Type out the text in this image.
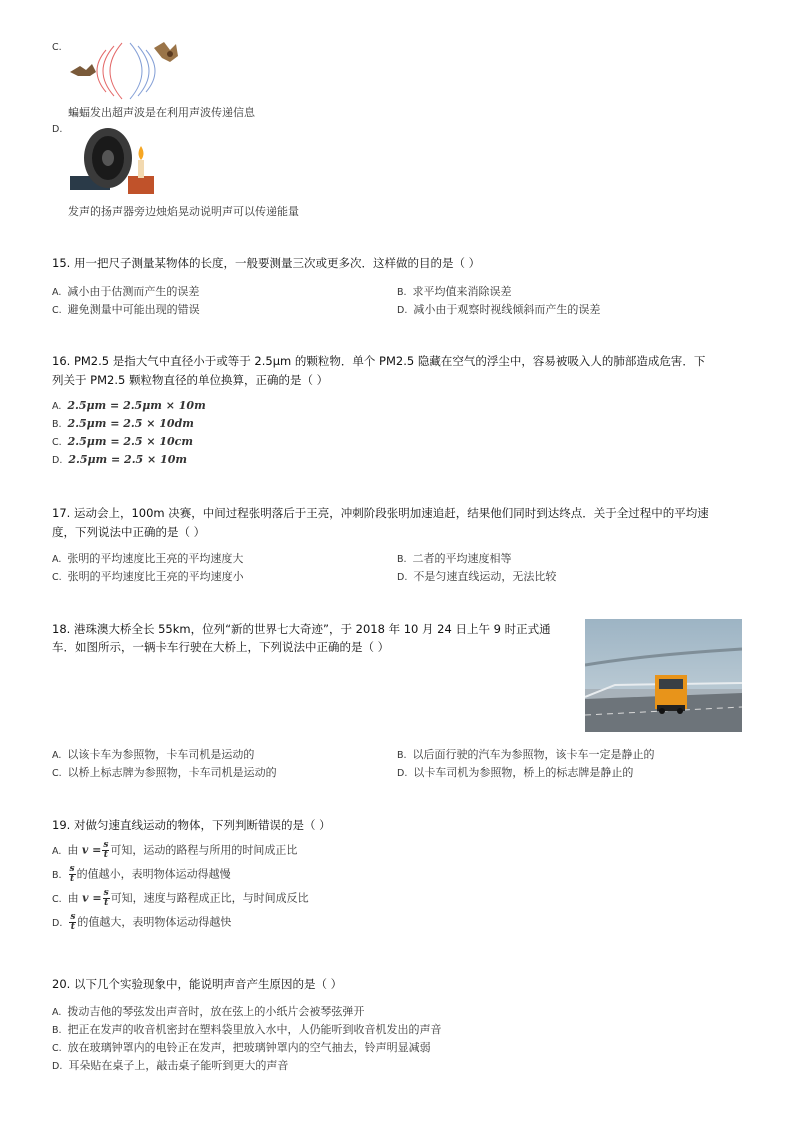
C.
蝙蝠发出超声波是在利用声波传递信息
D.
发声的扬声器旁边烛焰晃动说明声可以传递能量
15. 用一把尺子测量某物体的长度，一般要测量三次或更多次．这样做的目的是（ ）
A. 减小由于估测而产生的误差	B. 求平均值来消除误差
C. 避免测量中可能出现的错误	D. 减小由于观察时视线倾斜而产生的误差
16. PM2.5 是指大气中直径小于或等于 2.5μm 的颗粒物．单个 PM2.5 隐藏在空气的浮尘中，容易被吸入人的肺部造成危害．下
列关于 PM2.5 颗粒物直径的单位换算，正确的是（ ）
A. 2.5μm = 2.5μm × 10m
B. 2.5μm = 2.5 × 10dm
C. 2.5μm = 2.5 × 10cm
D. 2.5μm = 2.5 × 10m
17. 运动会上，100m 决赛，中间过程张明落后于王亮，冲刺阶段张明加速追赶，结果他们同时到达终点．关于全过程中的平均速
度，下列说法中正确的是（ ）
A. 张明的平均速度比王亮的平均速度大	B. 二者的平均速度相等
C. 张明的平均速度比王亮的平均速度小	D. 不是匀速直线运动，无法比较
18. 港珠澳大桥全长 55km，位列“新的世界七大奇迹”，于 2018 年 10 月 24 日上午 9 时正式通
车．如图所示，一辆卡车行驶在大桥上，下列说法中正确的是（ ）
A. 以该卡车为参照物，卡车司机是运动的	B. 以后面行驶的汽车为参照物，该卡车一定是静止的
C. 以桥上标志牌为参照物，卡车司机是运动的	D. 以卡车司机为参照物，桥上的标志牌是静止的
19. 对做匀速直线运动的物体，下列判断错误的是（ ）
A. 由 $v = \frac{s}{t}$ 可知，运动的路程与所用的时间成正比
B. $\frac{s}{t}$ 的值越小，表明物体运动得越慢
C. 由 $v = \frac{s}{t}$ 可知，速度与路程成正比，与时间成反比
D. $\frac{s}{t}$ 的值越大，表明物体运动得越快
20. 以下几个实验现象中，能说明声音产生原因的是（ ）
A. 拨动吉他的琴弦发出声音时，放在弦上的小纸片会被琴弦弹开
B. 把正在发声的收音机密封在塑料袋里放入水中，人仍能听到收音机发出的声音
C. 放在玻璃钟罩内的电铃正在发声，把玻璃钟罩内的空气抽去，铃声明显减弱
D. 耳朵贴在桌子上，敲击桌子能听到更大的声音
